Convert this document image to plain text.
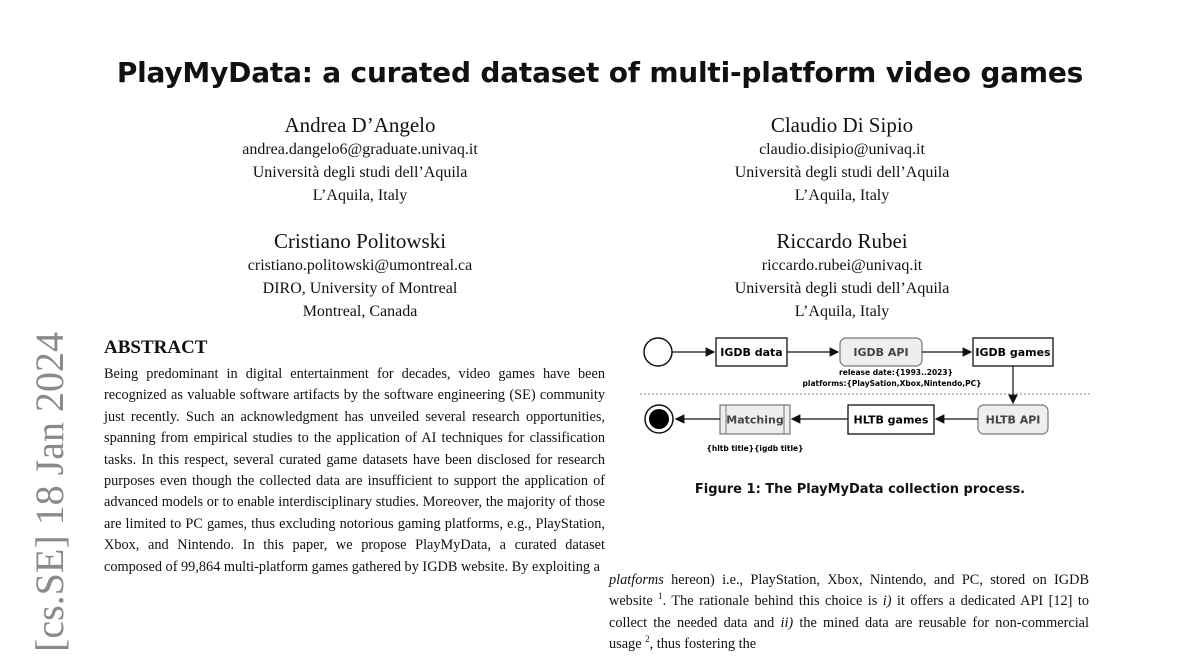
PlayMyData: a curated dataset of multi-platform video games
Andrea D’Angelo
andrea.dangelo6@graduate.univaq.it
Università degli studi dell’Aquila
L’Aquila, Italy
Claudio Di Sipio
claudio.disipio@univaq.it
Università degli studi dell’Aquila
L’Aquila, Italy
Cristiano Politowski
cristiano.politowski@umontreal.ca
DIRO, University of Montreal
Montreal, Canada
Riccardo Rubei
riccardo.rubei@univaq.it
Università degli studi dell’Aquila
L’Aquila, Italy
[cs.SE] 18 Jan 2024 ABSTRACT

Being predominant in digital entertainment for decades, video games have been recognized as valuable software artifacts by the software engineering (SE) community just recently. Such an acknowledgment has unveiled several research opportunities, spanning from empirical studies to the application of AI techniques for classification tasks. In this respect, several curated game datasets have been disclosed for research purposes even though the collected data are insufficient to support the application of advanced models or to enable interdisciplinary studies. Moreover, the majority of those are limited to PC games, thus excluding notorious gaming platforms, e.g., PlayStation, Xbox, and Nintendo. In this paper, we propose PlayMyData, a curated dataset composed of 99,864 multi-platform games gathered by IGDB website. By exploiting a

IGDB data	IGDB API	IGDB games
release date:{1993..2023}
platforms:{PlaySation,Xbox,Nintendo,PC}
HLTB API
HLTB games
Matching
{hltb title}{igdb title}
Figure 1: The PlayMyData collection process.

platforms hereon) i.e., PlayStation, Xbox, Nintendo, and PC, stored on IGDB website $^1$. The rationale behind this choice is i) it offers a dedicated API [12] to collect the needed data and ii) the mined data are reusable for non-commercial usage $^2$, thus fostering the
